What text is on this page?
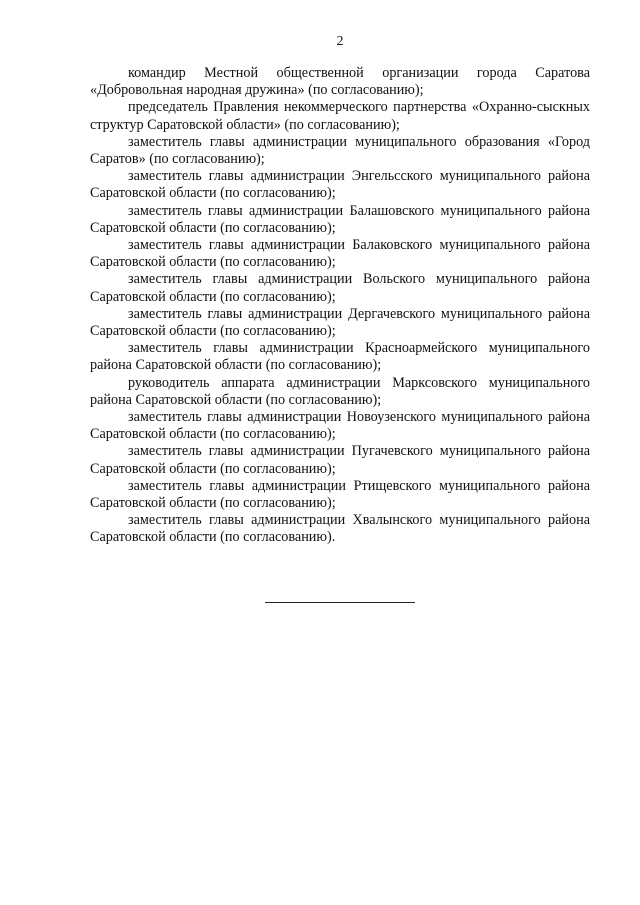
2

командир Местной общественной организации города Саратова «Добровольная народная дружина» (по согласованию);

председатель Правления некоммерческого партнерства «Охранно-сыскных структур Саратовской области» (по согласованию);

заместитель главы администрации муниципального образования «Город Саратов» (по согласованию);

заместитель главы администрации Энгельсского муниципального района Саратовской области (по согласованию);

заместитель главы администрации Балашовского муниципального района Саратовской области (по согласованию);

заместитель главы администрации Балаковского муниципального района Саратовской области (по согласованию);

заместитель главы администрации Вольского муниципального района Саратовской области (по согласованию);

заместитель главы администрации Дергачевского муниципального района Саратовской области (по согласованию);

заместитель главы администрации Красноармейского муниципального района Саратовской области (по согласованию);

руководитель аппарата администрации Марксовского муниципального района Саратовской области (по согласованию);

заместитель главы администрации Новоузенского муниципального района Саратовской области (по согласованию);

заместитель главы администрации Пугачевского муниципального района Саратовской области (по согласованию);

заместитель главы администрации Ртищевского муниципального района Саратовской области (по согласованию);

заместитель главы администрации Хвалынского муниципального района Саратовской области (по согласованию).
